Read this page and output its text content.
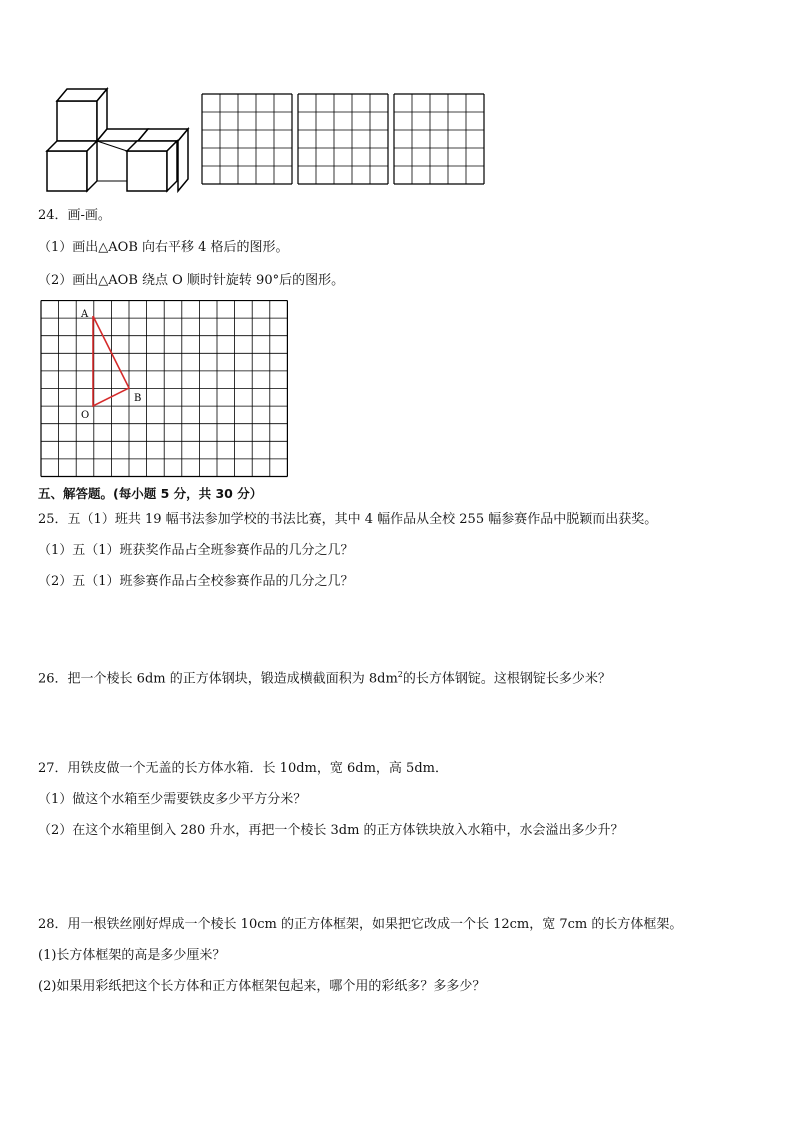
24．画-画。
（1）画出△AOB 向右平移 4 格后的图形。
（2）画出△AOB 绕点 O 顺时针旋转 90°后的图形。
A
B
O
五、解答题。(每小题 5 分，共 30 分）
25．五（1）班共 19 幅书法参加学校的书法比赛，其中 4 幅作品从全校 255 幅参赛作品中脱颖而出获奖。
（1）五（1）班获奖作品占全班参赛作品的几分之几？
（2）五（1）班参赛作品占全校参赛作品的几分之几？
26．把一个棱长 6dm 的正方体钢块，锻造成横截面积为 $8dm^2$的长方体钢锭。这根钢锭长多少米？
27．用铁皮做一个无盖的长方体水箱．长 10dm，宽 6dm，高 5dm．
（1）做这个水箱至少需要铁皮多少平方分米？
（2）在这个水箱里倒入 280 升水，再把一个棱长 3dm 的正方体铁块放入水箱中，水会溢出多少升？
28．用一根铁丝刚好焊成一个棱长 10cm 的正方体框架，如果把它改成一个长 12cm，宽 7cm 的长方体框架。
(1)长方体框架的高是多少厘米？
(2)如果用彩纸把这个长方体和正方体框架包起来，哪个用的彩纸多？多多少？
